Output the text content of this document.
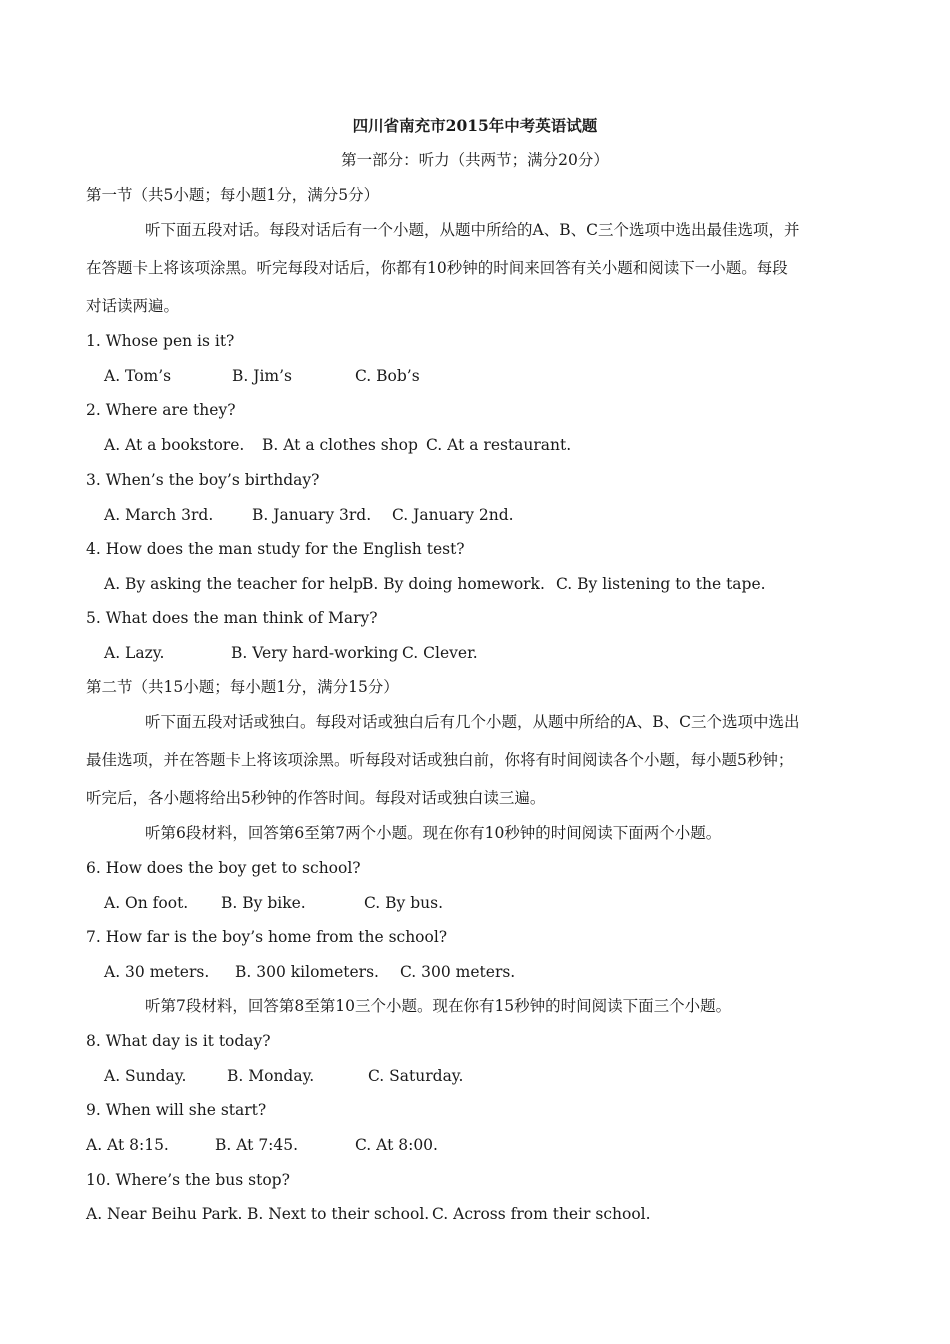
四川省南充市2015年中考英语试题
第一部分：听力（共两节；满分20分）
第一节（共5小题；每小题1分，满分5分）
听下面五段对话。每段对话后有一个小题，从题中所给的A、B、C三个选项中选出最佳选项，并
在答题卡上将该项涂黑。听完每段对话后，你都有10秒钟的时间来回答有关小题和阅读下一小题。每段
对话读两遍。
1. Whose pen is it?
A. Tom’s	B. Jim’s	C. Bob’s
2. Where are they?
A. At a bookstore. B. At a clothes shop C. At a restaurant.
3. When’s the boy’s birthday?
A. March 3rd. B. January 3rd. C. January 2nd.
4. How does the man study for the English test?
A. By asking the teacher for help.
B. By doing homework. C. By listening to the tape.
5. What does the man think of Mary?
A. Lazy.	B. Very hard-working C. Clever.
第二节（共15小题；每小题1分，满分15分）
听下面五段对话或独白。每段对话或独白后有几个小题，从题中所给的A、B、C三个选项中选出
最佳选项，并在答题卡上将该项涂黑。听每段对话或独白前，你将有时间阅读各个小题，每小题5秒钟；
听完后，各小题将给出5秒钟的作答时间。每段对话或独白读三遍。
听第6段材料，回答第6至第7两个小题。现在你有10秒钟的时间阅读下面两个小题。
6. How does the boy get to school?
A. On foot. B. By bike.	C. By bus.
7. How far is the boy’s home from the school?
A. 30 meters. B. 300 kilometers. C. 300 meters.
听第7段材料，回答第8至第10三个小题。现在你有15秒钟的时间阅读下面三个小题。
8. What day is it today?
A. Sunday.	B. Monday.	C. Saturday.
9. When will she start?
A. At 8:15.	B. At 7:45.	C. At 8:00.
10. Where’s the bus stop?
A. Near Beihu Park. B. Next to their school. C. Across from their school.
